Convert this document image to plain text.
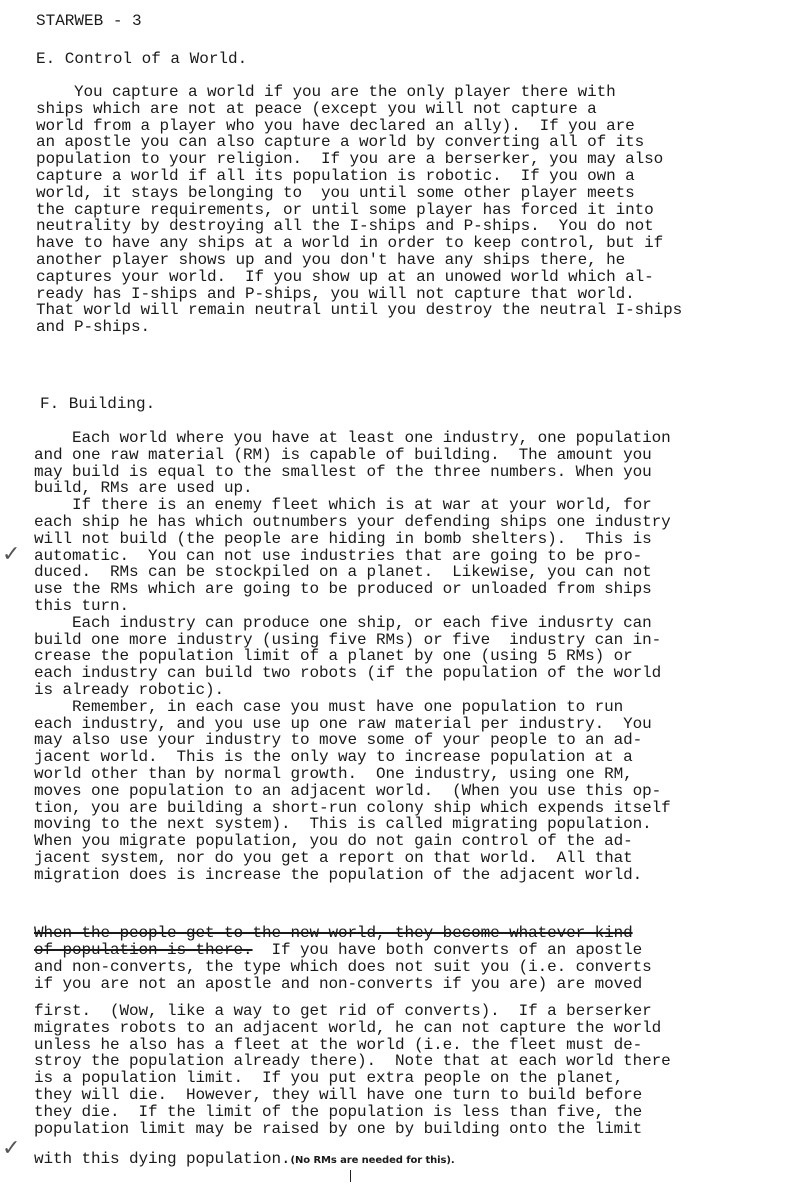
STARWEB - 3
E. Control of a World.
You capture a world if you are the only player there with
ships which are not at peace (except you will not capture a
world from a player who you have declared an ally).  If you are
an apostle you can also capture a world by converting all of its
population to your religion.  If you are a berserker, you may also
capture a world if all its population is robotic.  If you own a
world, it stays belonging to  you until some other player meets
the capture requirements, or until some player has forced it into
neutrality by destroying all the I-ships and P-ships.  You do not
have to have any ships at a world in order to keep control, but if
another player shows up and you don't have any ships there, he
captures your world.  If you show up at an unowed world which al-
ready has I-ships and P-ships, you will not capture that world.
That world will remain neutral until you destroy the neutral I-ships
and P-ships.
F. Building.
Each world where you have at least one industry, one population
and one raw material (RM) is capable of building.  The amount you
may build is equal to the smallest of the three numbers. When you
build, RMs are used up.
If there is an enemy fleet which is at war at your world, for
each ship he has which outnumbers your defending ships one industry
will not build (the people are hiding in bomb shelters).  This is
automatic.  You can not use industries that are going to be pro-
duced.  RMs can be stockpiled on a planet.  Likewise, you can not
use the RMs which are going to be produced or unloaded from ships
this turn.
Each industry can produce one ship, or each five indusrty can
build one more industry (using five RMs) or five  industry can in-
crease the population limit of a planet by one (using 5 RMs) or
each industry can build two robots (if the population of the world
is already robotic).
Remember, in each case you must have one population to run
each industry, and you use up one raw material per industry.  You
may also use your industry to move some of your people to an ad-
jacent world.  This is the only way to increase population at a
world other than by normal growth.  One industry, using one RM,
moves one population to an adjacent world.  (When you use this op-
tion, you are building a short-run colony ship which expends itself
moving to the next system).  This is called migrating population.
When you migrate population, you do not gain control of the ad-
jacent system, nor do you get a report on that world.  All that
migration does is increase the population of the adjacent world.
When the people get to the new world, they become whatever kind
of population is there.  If you have both converts of an apostle
and non-converts, the type which does not suit you (i.e. converts
if you are not an apostle and non-converts if you are) are moved
first.  (Wow, like a way to get rid of converts).  If a berserker
migrates robots to an adjacent world, he can not capture the world
unless he also has a fleet at the world (i.e. the fleet must de-
stroy the population already there).  Note that at each world there
is a population limit.  If you put extra people on the planet,
they will die.  However, they will have one turn to build before
they die.  If the limit of the population is less than five, the
population limit may be raised by one by building onto the limit
with this dying population.(No RMs are needed for this).
✓
✓
